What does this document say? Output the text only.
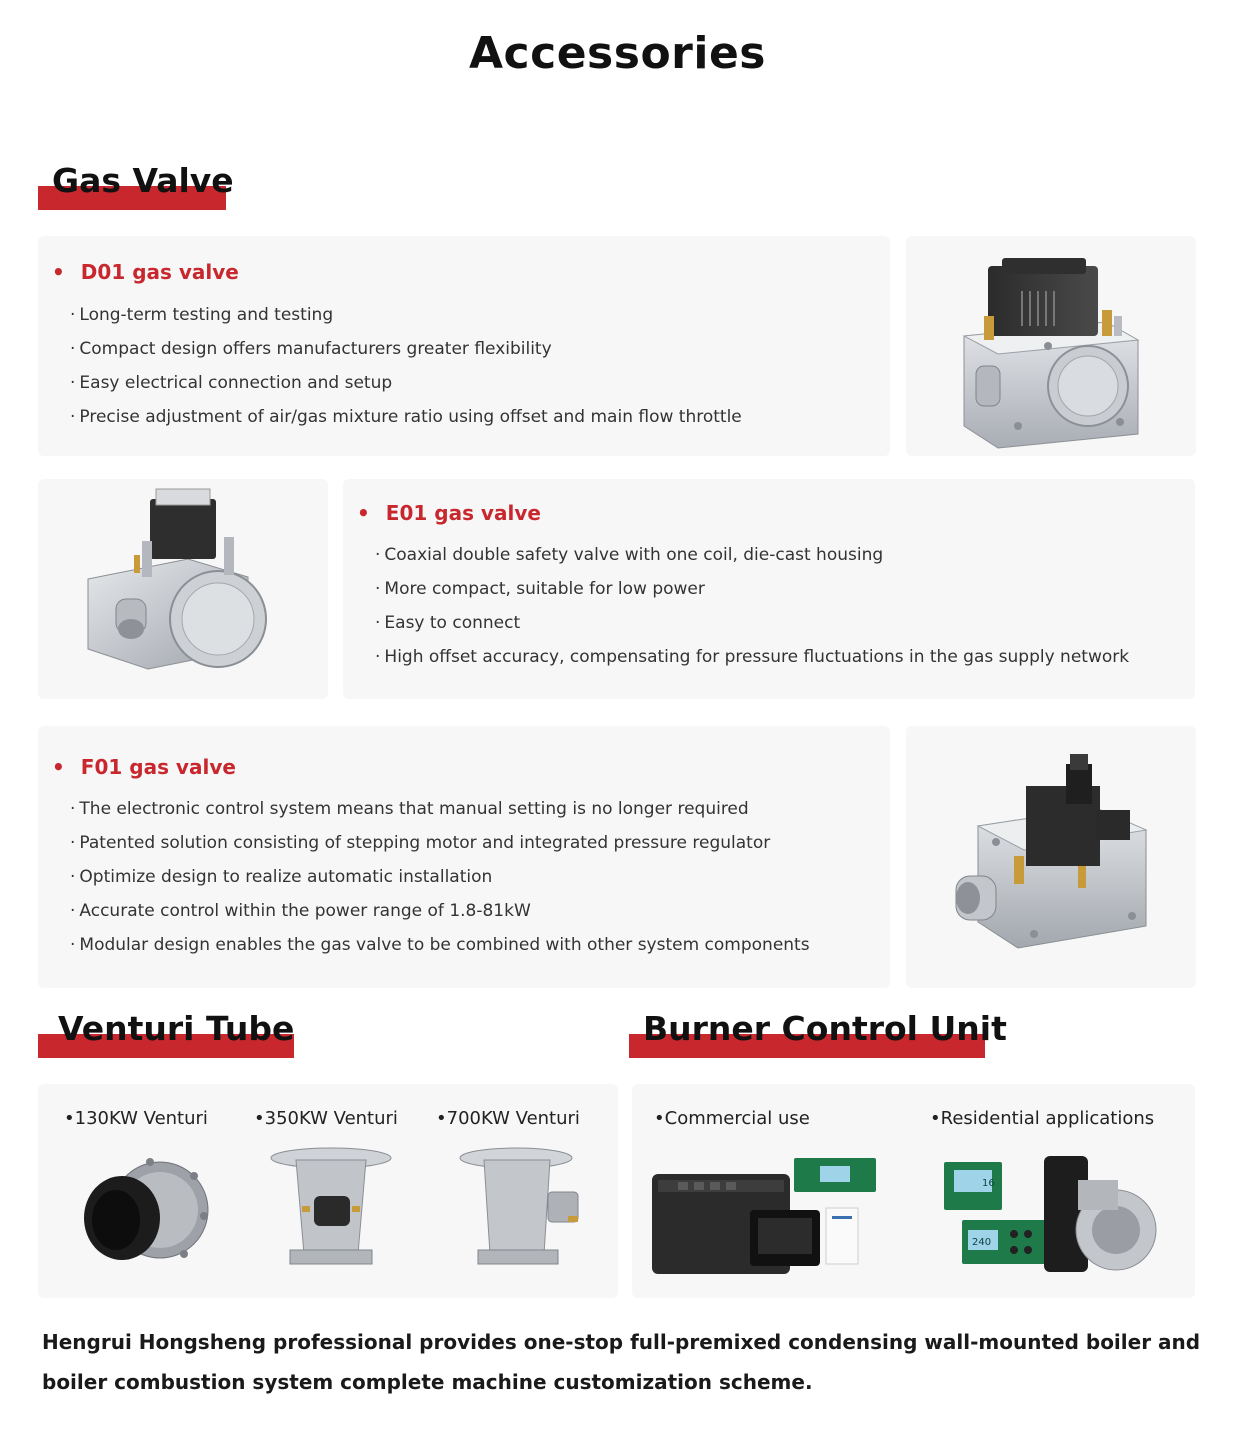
Accessories
Gas Valve
• D01 gas valve
· Long-term testing and testing
· Compact design offers manufacturers greater flexibility
· Easy electrical connection and setup
· Precise adjustment of air/gas mixture ratio using offset and main flow throttle
• E01 gas valve
· Coaxial double safety valve with one coil, die-cast housing
· More compact, suitable for low power
· Easy to connect
· High offset accuracy, compensating for pressure fluctuations in the gas supply network
• F01 gas valve
· The electronic control system means that manual setting is no longer required
· Patented solution consisting of stepping motor and integrated pressure regulator
· Optimize design to realize automatic installation
· Accurate control within the power range of 1.8-81kW
· Modular design enables the gas valve to be combined with other system components
Venturi Tube	Burner Control Unit
•130KW Venturi	•350KW Venturi •700KW Venturi	•Commercial use	•Residential applications
16
240
Hengrui Hongsheng professional provides one-stop full-premixed condensing wall-mounted boiler and boiler combustion system complete machine customization scheme.
